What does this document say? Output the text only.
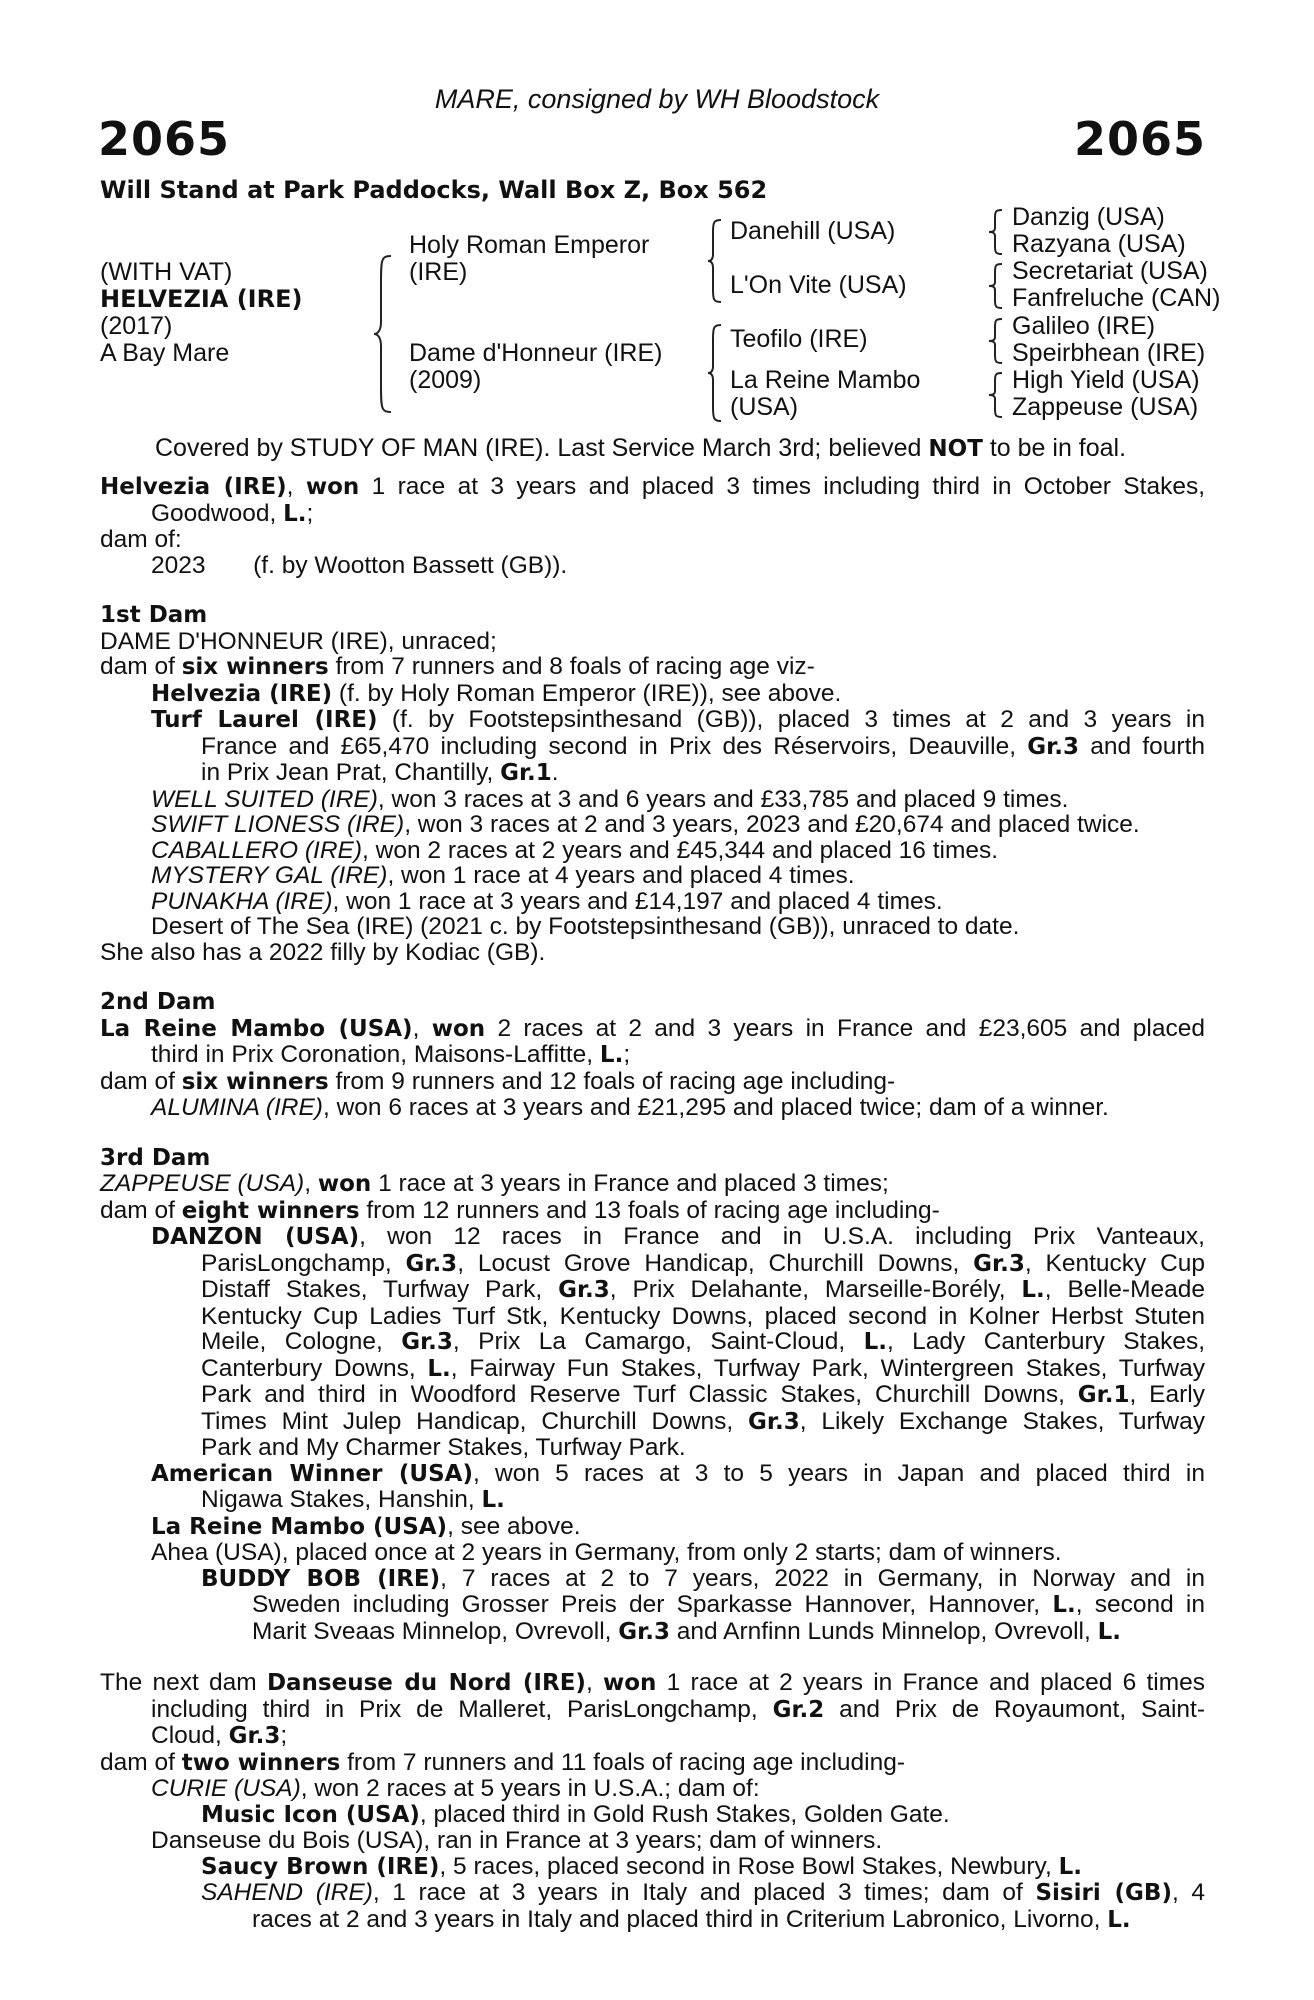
MARE, consigned by WH Bloodstock
2065	2065
Will Stand at Park Paddocks, Wall Box Z, Box 562
(WITH VAT)
HELVEZIA (IRE)
(2017)
A Bay Mare
Holy Roman Emperor
(IRE)
Dame d'Honneur (IRE)
(2009)
Danehill (USA)
L'On Vite (USA)
Teofilo (IRE)
La Reine Mambo
(USA)
Danzig (USA)
Razyana (USA)
Secretariat (USA)
Fanfreluche (CAN)
Galileo (IRE)
Speirbhean (IRE)
High Yield (USA)
Zappeuse (USA)
Covered by STUDY OF MAN (IRE). Last Service March 3rd; believed NOT to be in foal.
Helvezia (IRE), won 1 race at 3 years and placed 3 times including third in October Stakes,
Goodwood, L.;
dam of:
2023       (f. by Wootton Bassett (GB)).
1st Dam
DAME D'HONNEUR (IRE), unraced;
dam of six winners from 7 runners and 8 foals of racing age viz-
Helvezia (IRE) (f. by Holy Roman Emperor (IRE)), see above.
Turf Laurel (IRE) (f. by Footstepsinthesand (GB)), placed 3 times at 2 and 3 years in
France and £65,470 including second in Prix des Réservoirs, Deauville, Gr.3 and fourth
in Prix Jean Prat, Chantilly, Gr.1.
WELL SUITED (IRE), won 3 races at 3 and 6 years and £33,785 and placed 9 times.
SWIFT LIONESS (IRE), won 3 races at 2 and 3 years, 2023 and £20,674 and placed twice.
CABALLERO (IRE), won 2 races at 2 years and £45,344 and placed 16 times.
MYSTERY GAL (IRE), won 1 race at 4 years and placed 4 times.
PUNAKHA (IRE), won 1 race at 3 years and £14,197 and placed 4 times.
Desert of The Sea (IRE) (2021 c. by Footstepsinthesand (GB)), unraced to date.
She also has a 2022 filly by Kodiac (GB).
2nd Dam
La Reine Mambo (USA), won 2 races at 2 and 3 years in France and £23,605 and placed
third in Prix Coronation, Maisons-Laffitte, L.;
dam of six winners from 9 runners and 12 foals of racing age including-
ALUMINA (IRE), won 6 races at 3 years and £21,295 and placed twice; dam of a winner.
3rd Dam
ZAPPEUSE (USA), won 1 race at 3 years in France and placed 3 times;
dam of eight winners from 12 runners and 13 foals of racing age including-
DANZON (USA), won 12 races in France and in U.S.A. including Prix Vanteaux,
ParisLongchamp, Gr.3, Locust Grove Handicap, Churchill Downs, Gr.3, Kentucky Cup
Distaff Stakes, Turfway Park, Gr.3, Prix Delahante, Marseille-Borély, L., Belle-Meade
Kentucky Cup Ladies Turf Stk, Kentucky Downs, placed second in Kolner Herbst Stuten
Meile, Cologne, Gr.3, Prix La Camargo, Saint-Cloud, L., Lady Canterbury Stakes,
Canterbury Downs, L., Fairway Fun Stakes, Turfway Park, Wintergreen Stakes, Turfway
Park and third in Woodford Reserve Turf Classic Stakes, Churchill Downs, Gr.1, Early
Times Mint Julep Handicap, Churchill Downs, Gr.3, Likely Exchange Stakes, Turfway
Park and My Charmer Stakes, Turfway Park.
American Winner (USA), won 5 races at 3 to 5 years in Japan and placed third in
Nigawa Stakes, Hanshin, L.
La Reine Mambo (USA), see above.
Ahea (USA), placed once at 2 years in Germany, from only 2 starts; dam of winners.
BUDDY BOB (IRE), 7 races at 2 to 7 years, 2022 in Germany, in Norway and in
Sweden including Grosser Preis der Sparkasse Hannover, Hannover, L., second in
Marit Sveaas Minnelop, Ovrevoll, Gr.3 and Arnfinn Lunds Minnelop, Ovrevoll, L.
The next dam Danseuse du Nord (IRE), won 1 race at 2 years in France and placed 6 times
including third in Prix de Malleret, ParisLongchamp, Gr.2 and Prix de Royaumont, Saint-
Cloud, Gr.3;
dam of two winners from 7 runners and 11 foals of racing age including-
CURIE (USA), won 2 races at 5 years in U.S.A.; dam of:
Music Icon (USA), placed third in Gold Rush Stakes, Golden Gate.
Danseuse du Bois (USA), ran in France at 3 years; dam of winners.
Saucy Brown (IRE), 5 races, placed second in Rose Bowl Stakes, Newbury, L.
SAHEND (IRE), 1 race at 3 years in Italy and placed 3 times; dam of Sisiri (GB), 4
races at 2 and 3 years in Italy and placed third in Criterium Labronico, Livorno, L.
